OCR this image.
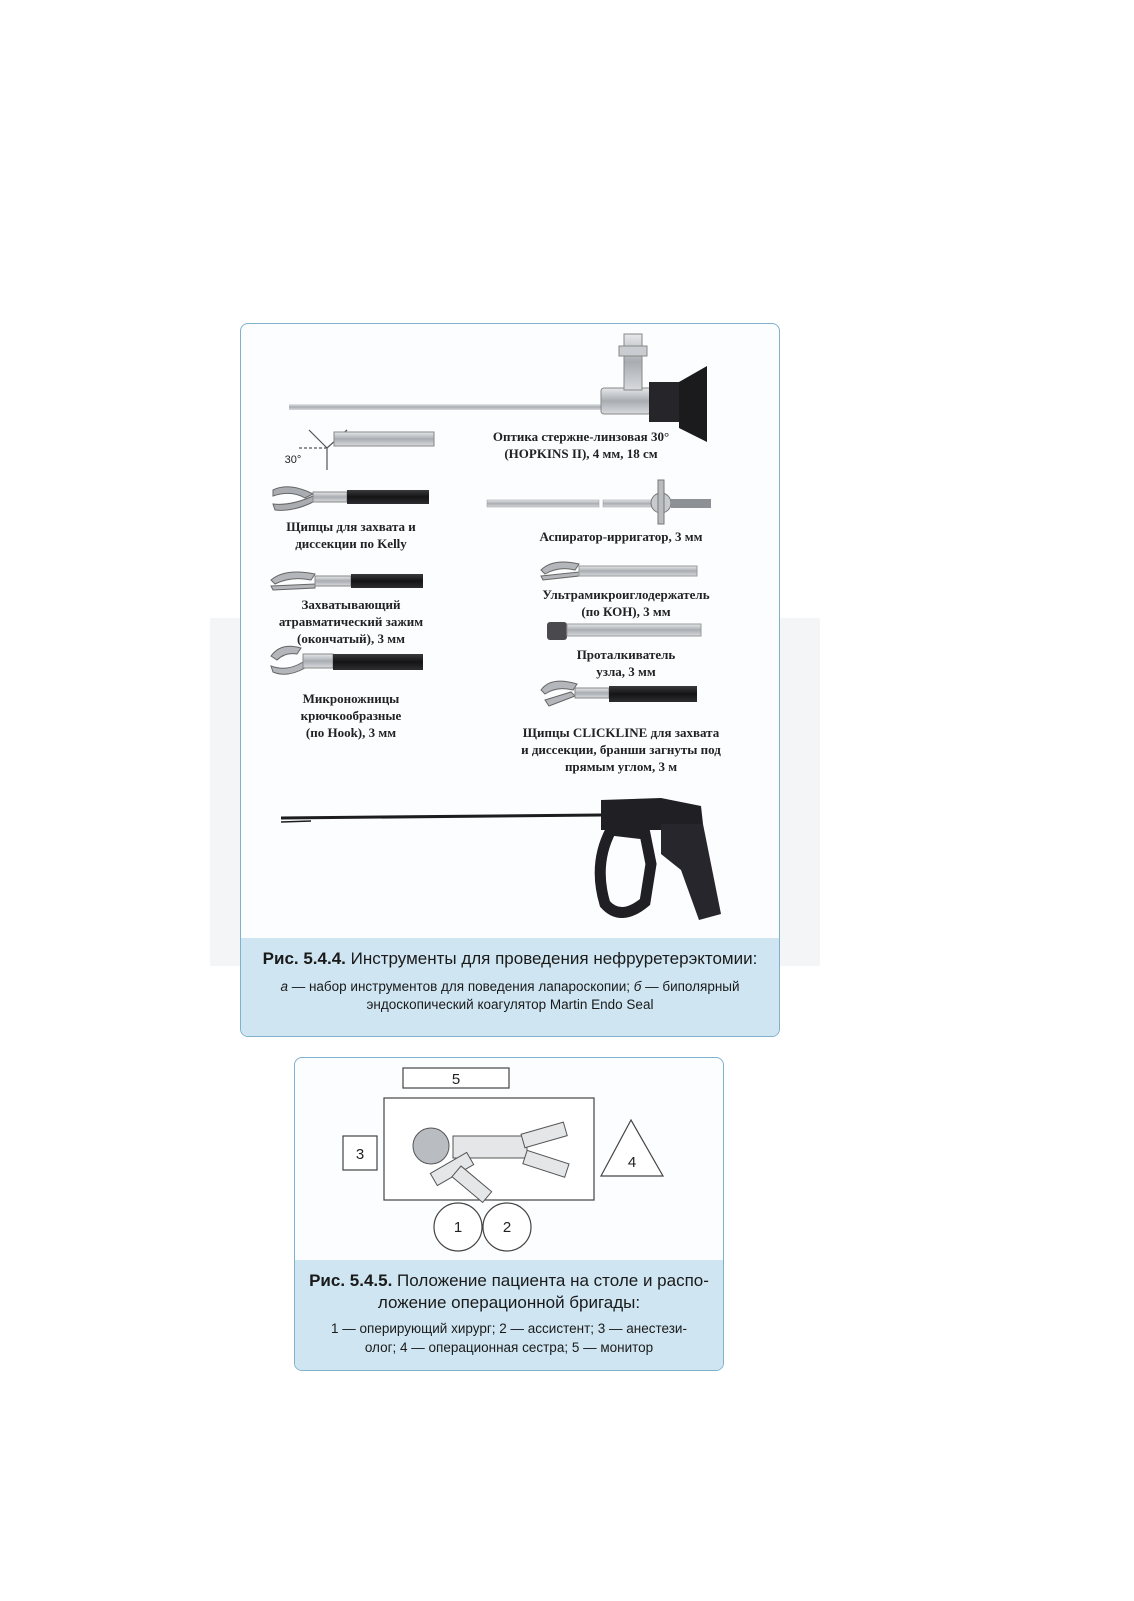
30°
Оптика стержне-линзовая 30°
(HOPKINS II), 4 мм, 18 см
Щипцы для захвата и
диссекции по Kelly	Аспиратор-ирригатор, 3 мм
Захватывающий
атравматический зажим
(окончатый), 3 мм
Ультрамикроиглодержатель
(по КОН), 3 мм
Проталкиватель
узла, 3 мм
Микроножницы
крючкообразные
(по Hook), 3 мм	Щипцы CLICKLINE для захвата
и диссекции, бранши загнуты под
прямым углом, 3 м
Рис. 5.4.4. Инструменты для проведения нефруретерэктомии:
а — набор инструментов для поведения лапароскопии; б — биполярный
эндоскопический коагулятор Martin Endo Seal
5
3	4
1	2
Рис. 5.4.5. Положение пациента на столе и распо-
ложение операционной бригады:
1 — оперирующий хирург; 2 — ассистент; 3 — анестези-
олог; 4 — операционная сестра; 5 — монитор
